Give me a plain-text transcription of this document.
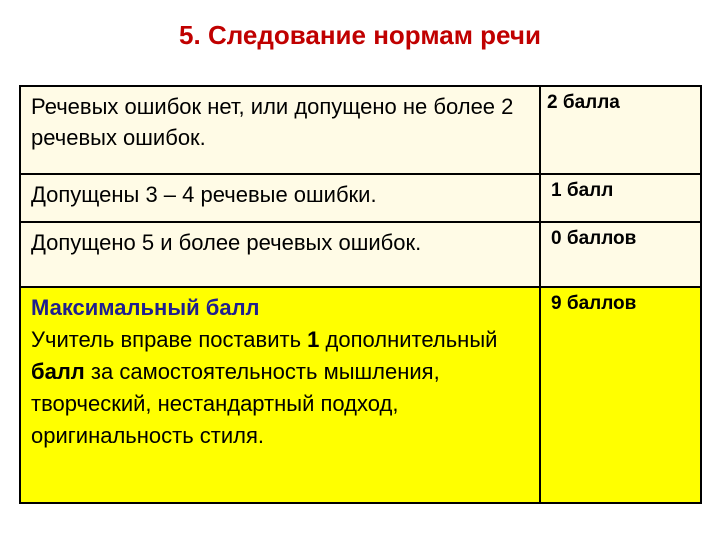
5. Следование нормам речи
Речевых ошибок нет, или допущено не более 2 речевых ошибок.	2 балла
Допущены 3 – 4 речевые ошибки.	1 балл
Допущено 5 и более речевых ошибок.	0 баллов

Максимальный балл
Учитель вправе поставить 1 дополнительный балл за самостоятельность мышления, творческий, нестандартный подход, оригинальность стиля.	9 баллов
